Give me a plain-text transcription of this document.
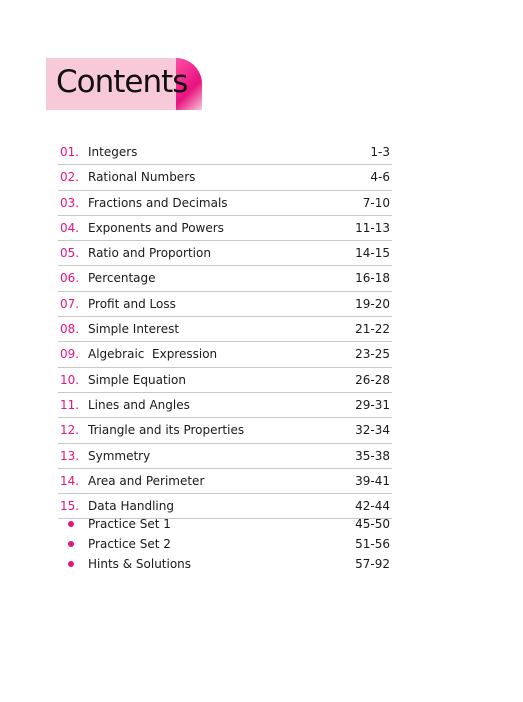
Contents
01. Integers	1-3
02. Rational Numbers	4-6
03. Fractions and Decimals	7-10
04. Exponents and Powers	11-13
05. Ratio and Proportion	14-15
06. Percentage	16-18
07. Profit and Loss	19-20
08. Simple Interest	21-22
09. Algebraic  Expression	23-25
10. Simple Equation	26-28
11. Lines and Angles	29-31
12. Triangle and its Properties	32-34
13. Symmetry	35-38
14. Area and Perimeter	39-41
15. Data Handling	42-44
Practice Set 1	45-50
Practice Set 2	51-56
Hints & Solutions	57-92
